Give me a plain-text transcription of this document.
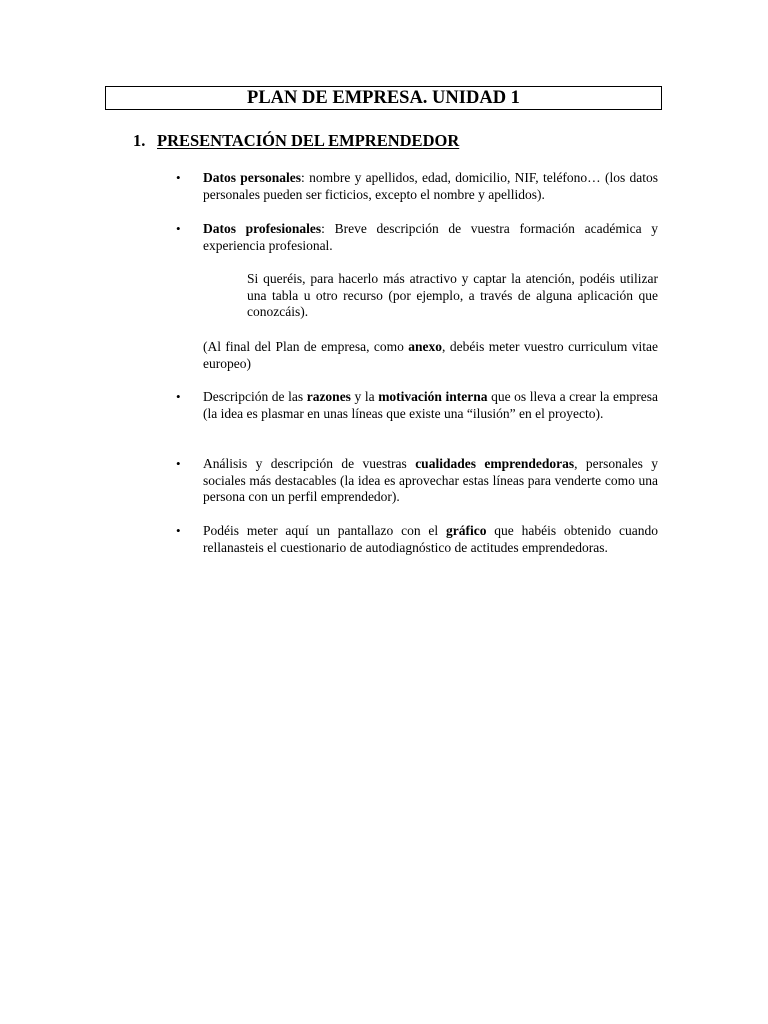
PLAN DE EMPRESA. UNIDAD 1
1. PRESENTACIÓN DEL EMPRENDEDOR
• Datos personales: nombre y apellidos, edad, domicilio, NIF, teléfono… (los datos personales pueden ser ficticios, excepto el nombre y apellidos).
• Datos profesionales: Breve descripción de vuestra formación académica y experiencia profesional.
Si queréis, para hacerlo más atractivo y captar la atención, podéis utilizar una tabla u otro recurso (por ejemplo, a través de alguna aplicación que conozcáis).
(Al final del Plan de empresa, como anexo, debéis meter vuestro curriculum vitae europeo)
• Descripción de las razones y la motivación interna que os lleva a crear la empresa (la idea es plasmar en unas líneas que existe una “ilusión” en el proyecto).
• Análisis y descripción de vuestras cualidades emprendedoras, personales y sociales más destacables (la idea es aprovechar estas líneas para venderte como una persona con un perfil emprendedor).
• Podéis meter aquí un pantallazo con el gráfico que habéis obtenido cuando rellanasteis el cuestionario de autodiagnóstico de actitudes emprendedoras.
